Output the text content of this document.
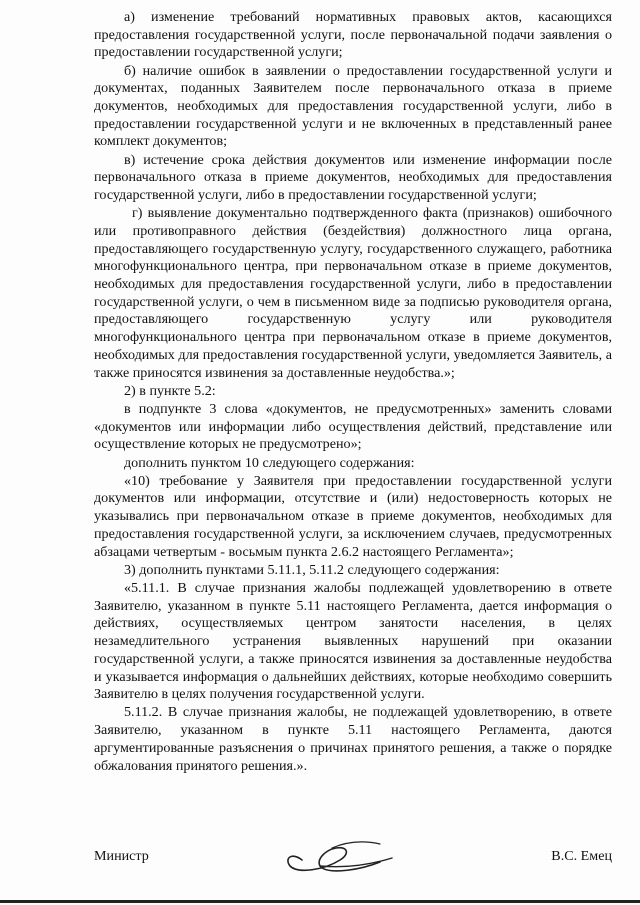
а) изменение требований нормативных правовых актов, касающихся предоставления государственной услуги, после первоначальной подачи заявления о предоставлении государственной услуги;

б) наличие ошибок в заявлении о предоставлении государственной услуги и документах, поданных Заявителем после первоначального отказа в приеме документов, необходимых для предоставления государственной услуги, либо в предоставлении государственной услуги и не включенных в представленный ранее комплект документов;

в) истечение срока действия документов или изменение информации после первоначального отказа в приеме документов, необходимых для предоставления государственной услуги, либо в предоставлении государственной услуги;

г) выявление документально подтвержденного факта (признаков) ошибочного или противоправного действия (бездействия) должностного лица органа, предоставляющего государственную услугу, государственного служащего, работника многофункционального центра, при первоначальном отказе в приеме документов, необходимых для предоставления государственной услуги, либо в предоставлении государственной услуги, о чем в письменном виде за подписью руководителя органа, предоставляющего государственную услугу или руководителя многофункционального центра при первоначальном отказе в приеме документов, необходимых для предоставления государственной услуги, уведомляется Заявитель, а также приносятся извинения за доставленные неудобства.»;

2) в пункте 5.2:

в подпункте 3 слова «документов, не предусмотренных» заменить словами «документов или информации либо осуществления действий, представление или осуществление которых не предусмотрено»;

дополнить пунктом 10 следующего содержания:

«10) требование у Заявителя при предоставлении государственной услуги документов или информации, отсутствие и (или) недостоверность которых не указывались при первоначальном отказе в приеме документов, необходимых для предоставления государственной услуги, за исключением случаев, предусмотренных абзацами четвертым - восьмым пункта 2.6.2 настоящего Регламента»;

3) дополнить пунктами 5.11.1, 5.11.2 следующего содержания:

«5.11.1. В случае признания жалобы подлежащей удовлетворению в ответе Заявителю, указанном в пункте 5.11 настоящего Регламента, дается информация о действиях, осуществляемых центром занятости населения, в целях незамедлительного устранения выявленных нарушений при оказании государственной услуги, а также приносятся извинения за доставленные неудобства и указывается информация о дальнейших действиях, которые необходимо совершить Заявителю в целях получения государственной услуги.

5.11.2. В случае признания жалобы, не подлежащей удовлетворению, в ответе Заявителю, указанном в пункте 5.11 настоящего Регламента, даются аргументированные разъяснения о причинах принятого решения, а также о порядке обжалования принятого решения.».

Министр	В.С. Емец
